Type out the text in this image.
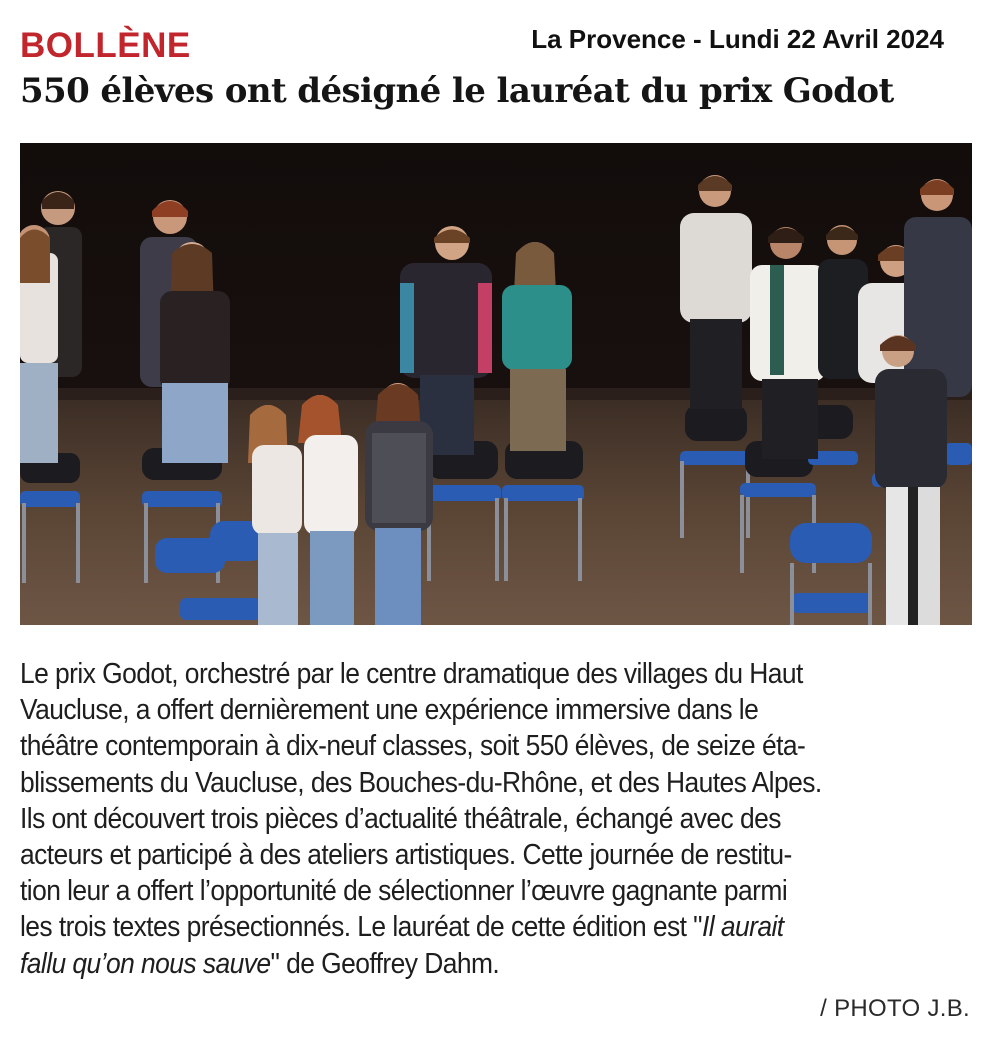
BOLLÈNE	La Provence - Lundi 22 Avril 2024
550 élèves ont désigné le lauréat du prix Godot
Le prix Godot, orchestré par le centre dramatique des villages du Haut
Vaucluse, a offert dernièrement une expérience immersive dans le
théâtre contemporain à dix-neuf classes, soit 550 élèves, de seize éta-
blissements du Vaucluse, des Bouches-du-Rhône, et des Hautes Alpes.
Ils ont découvert trois pièces d’actualité théâtrale, échangé avec des
acteurs et participé à des ateliers artistiques. Cette journée de restitu-
tion leur a offert l’opportunité de sélectionner l’œuvre gagnante parmi
les trois textes présectionnés. Le lauréat de cette édition est "Il aurait
fallu qu’on nous sauve" de Geoffrey Dahm.
/ PHOTO J.B.
